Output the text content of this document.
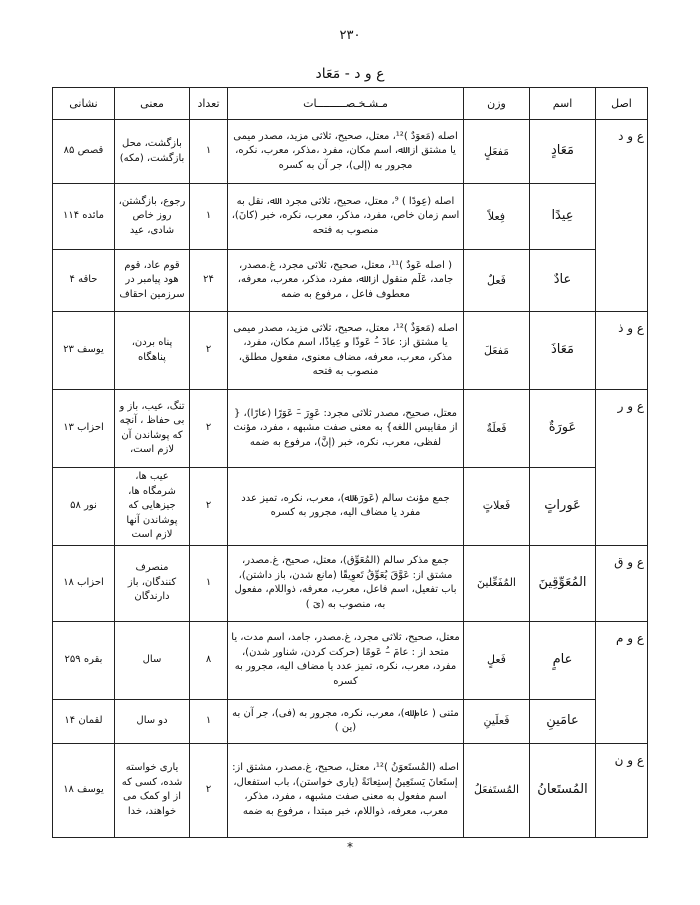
۲۳۰
ع و د - مَعَاد
اصل	اسم	وزن	مـشـخـصـــــــــات	تعداد	معنی	نشانی
ع و د	مَعَادٍ	مَفعَلٍ	اصله (مَعوَدٌ )¹²، معتل، صحیح، ثلاثی مزید، مصدر میمی یا مشتق از: ﷲ، اسم مکان، مفرد ،مذکر، معرب، نکره، مجرور به (إلی)، جر آن به کسره	۱	بازگشت، محل بازگشت، (مکه)	قصص ۸۵
	عِیدًا	فِعلاً	اصله (عِودًا ) ⁹، معتل، صحیح، ثلاثی مجرد : ﷲ، نقل به اسم زمان خاص، مفرد، مذکر، معرب، نکره، خبر (کانَ)، منصوب به فتحه	۱	رجوع، بازگشتن، روز خاص شادی، عید	مائده ۱۱۴
	عادٌ	فَعلٌ	( اصله عَودٌ )¹¹، معتل، صحیح، ثلاثی مجرد، غ.مصدر، جامد، عَلَم منقول از: ﷲ، مفرد، مذکر، معرب، معرفه، معطوف فاعل ، مرفوع به ضمه	۲۴	قوم عاد، قوم هود پیامبر در سرزمین احقاف	حاقه ۴
ع و ذ	مَعَاذَ	مَفعَلَ	اصله (مَعوَذٌ )¹²، معتل، صحیح، ثلاثی مزید، مصدر میمی یا مشتق از: عاذَ –ُ عَوذًا و عِیاذًا، اسم مکان، مفرد، مذکر، معرب، معرفه، مضاف معنوی، مفعول مطلق، منصوب به فتحه	۲	پناه بردن، پناهگاه	یوسف ۲۳
ع و ر	عَورَةٌ	فَعلَةٌ	معتل، صحیح، مصدر ثلاثی مجرد: عَوِرَ –َ عَوَرًا (عارًا)، { از مقاییس اللغه} به معنی صفت مشبهه ، مفرد، مؤنث لفظی، معرب، نکره، خبر (إنَّ)، مرفوع به ضمه	۲	تنگ، عیب، باز و بی حفاظ ، آنچه که پوشاندن آن لازم است،	احزاب ۱۳
	عَوراتٍ	فَعلاتٍ	جمع مؤنث سالم (عَورَة ﷲ)، معرب، نکره، تمیز عدد مفرد یا مضاف الیه، مجرور به کسره	۲	عیب ها، شرمگاه ها، جیزهایی که پوشاندن آنها لازم است	نور ۵۸
ع و ق	المُعَوِّقِینَ	المُفَعِّلینَ	جمع مذکر سالم (المُعَوِّق)، معتل، صحیح، غ.مصدر، مشتق از: عَوَّقَ یُعَوِّقُ تَعوِیقًا (مانع شدن، باز داشتن)، باب تفعیل، اسم فاعل، معرب، معرفه، ذواللام، مفعول به، منصوب به (یَ )	۱	منصرف کنندگان، باز دارندگان	احزاب ۱۸
ع و م	عامٍ	فَعلٍ	معتل، صحیح، ثلاثی مجرد، غ.مصدر، جامد، اسم مدت، یا متحد از : عامَ –ُ عَومًا (حرکت کردن، شناور شدن)، مفرد، معرب، نکره، تمیز عدد یا مضاف الیه، مجرور به کسره	۸	سال	بقره ۲۵۹
	عامَینِ	فَعلَینِ	مثنی ( عام ﷲ)، معرب، نکره، مجرور به (فی)، جر آن به (ین )	۱	دو سال	لقمان ۱۴
ع و ن	المُستَعانُ	المُستَفعَلُ	اصله (المُستَعوَنُ )¹²، معتل، صحیح، غ.مصدر، مشتق از: إستَعانَ یَستَعِینُ إستِعانَةً (یاری خواستن)، باب استفعال، اسم مفعول به معنی صفت مشبهه ، مفرد، مذکر، معرب، معرفه، ذواللام، خبر مبتدا ، مرفوع به ضمه	۲	یاری خواسته شده، کسی که از او کمک می خواهند، خدا	یوسف ۱۸
*
